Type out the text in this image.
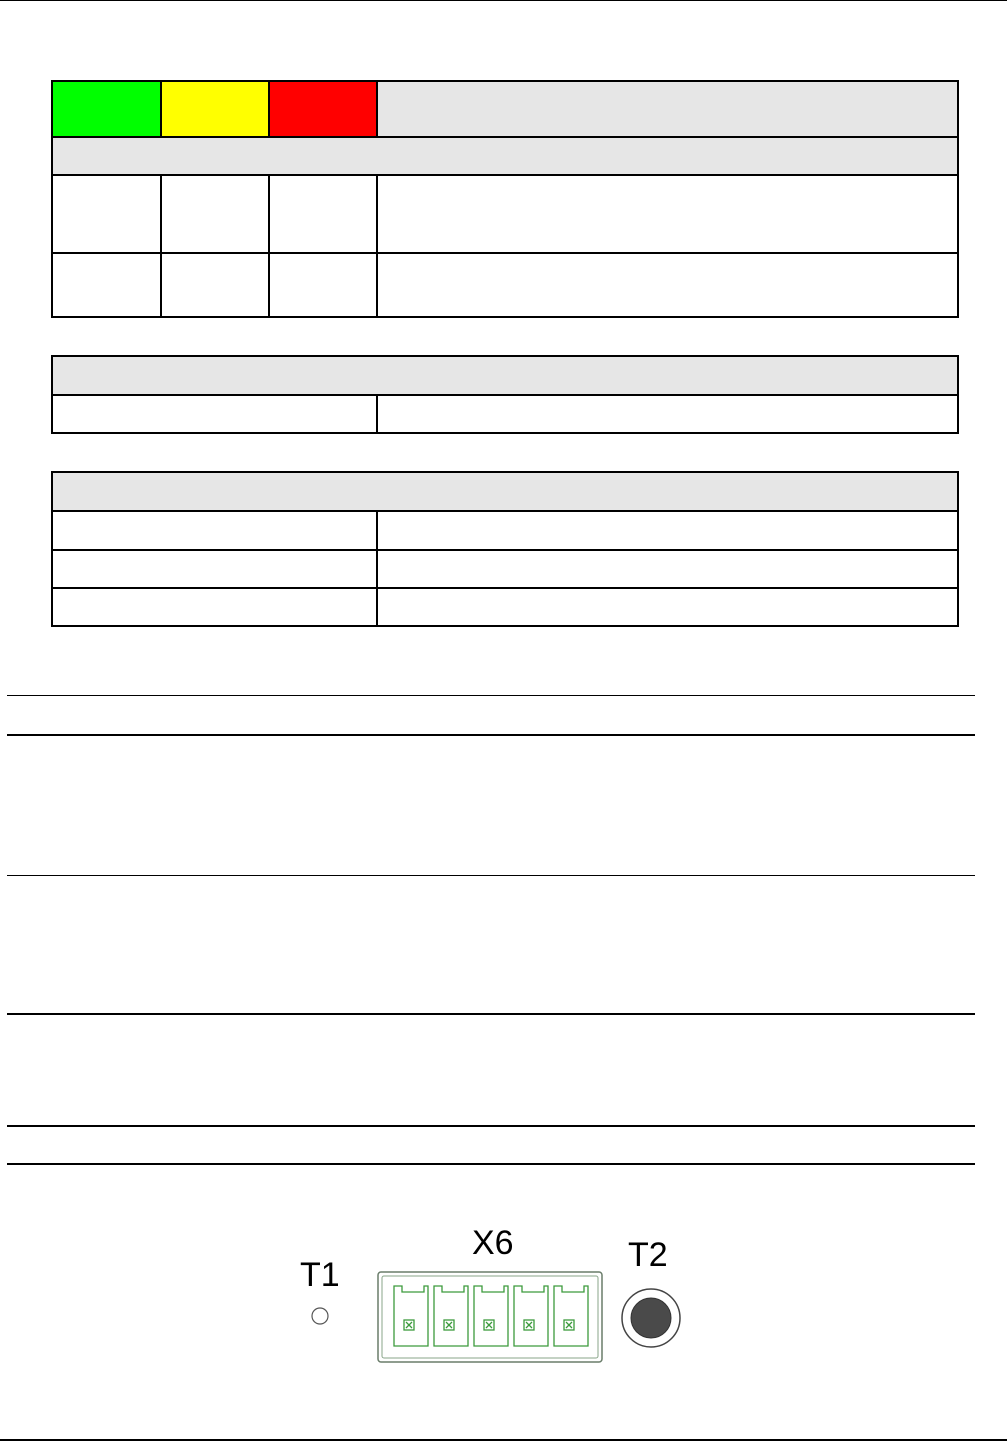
T1
X6	T2
